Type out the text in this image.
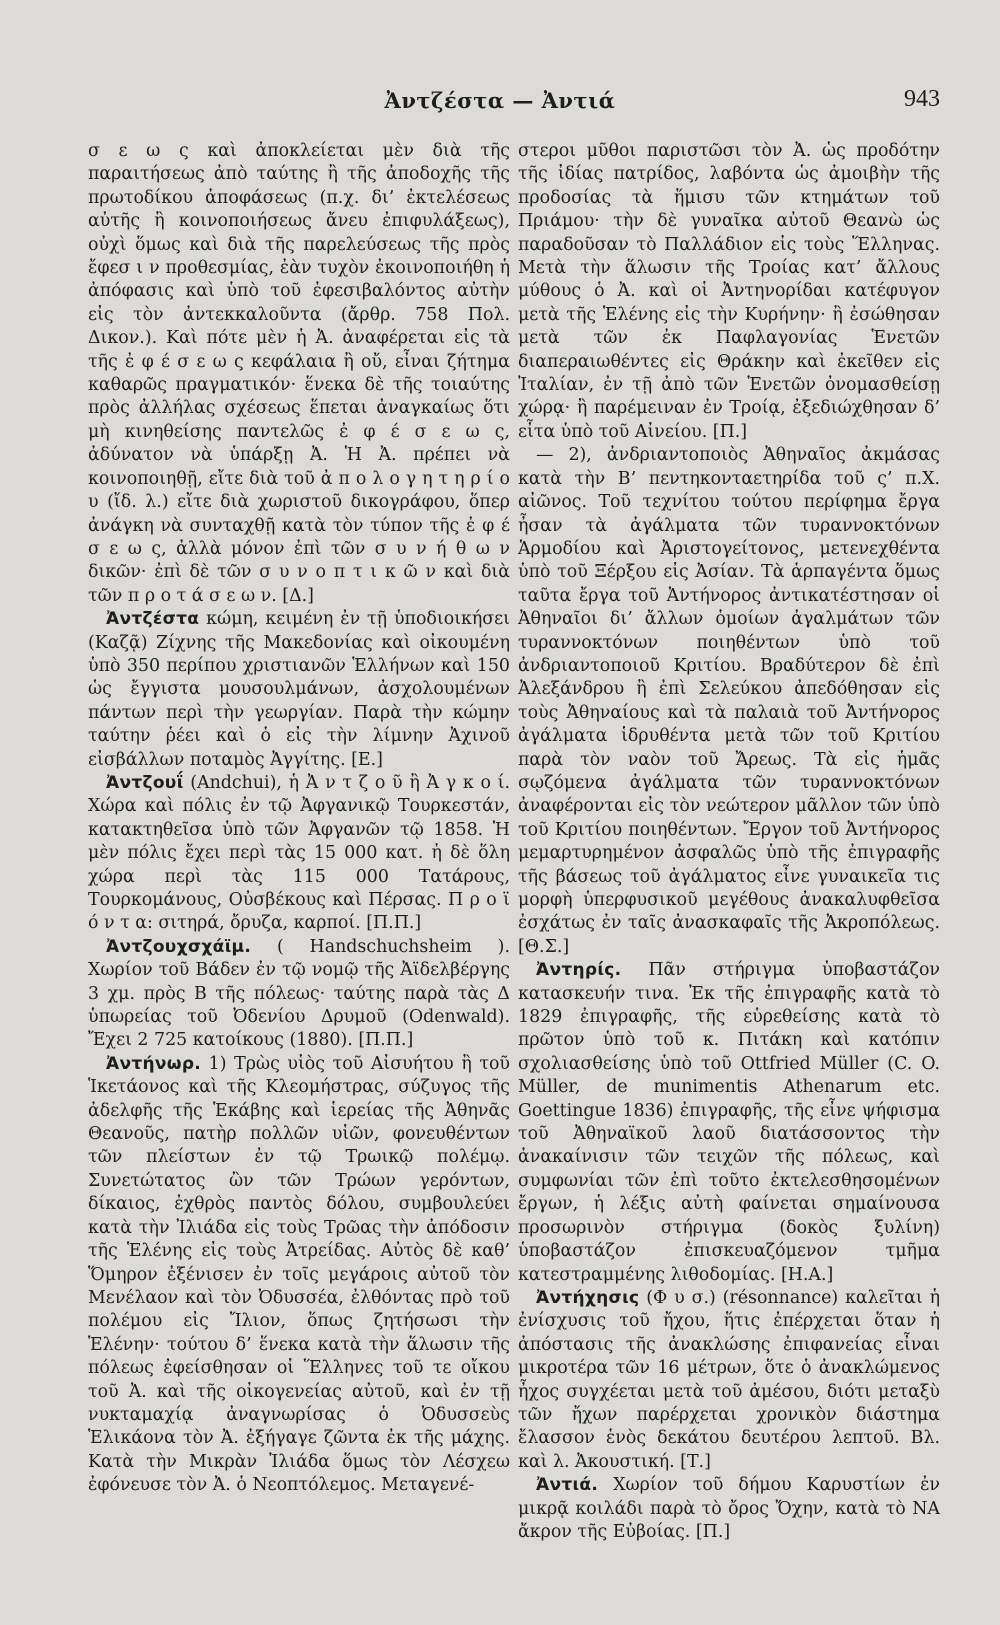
Ἀντζέστα — Ἀντιά	943

σ ε ω ς καὶ ἀποκλείεται μὲν διὰ τῆς παραιτήσεως ἀπὸ ταύτης ἢ τῆς ἀποδοχῆς τῆς πρωτοδίκου ἀποφάσεως (π.χ. δι’ ἐκτελέσεως αὐτῆς ἢ κοινοποιήσεως ἄνευ ἐπιφυλάξεως), οὐχὶ ὅμως καὶ διὰ τῆς παρελεύσεως τῆς πρὸς ἔφεσ ι ν προθεσμίας, ἐὰν τυχὸν ἐκοινοποιήθη ἡ ἀπόφασις καὶ ὑπὸ τοῦ ἐφεσιβαλόντος αὐτὴν εἰς τὸν ἀντεκκαλοῦντα (ἄρθρ. 758 Πολ. Δικον.). Καὶ πότε μὲν ἡ Ἀ. ἀναφέρεται εἰς τὰ τῆς ἐ φ έ σ ε ω ς κεφάλαια ἢ οὔ, εἶναι ζήτημα καθαρῶς πραγματικόν· ἕνεκα δὲ τῆς τοιαύτης πρὸς ἀλλήλας σχέσεως ἕπεται ἀναγκαίως ὅτι μὴ κινηθείσης παντελῶς ἐ φ έ σ ε ω ς, ἀδύνατον νὰ ὑπάρξῃ Ἀ. Ἡ Ἀ. πρέπει νὰ κοινοποιηθῇ, εἴτε διὰ τοῦ ἀ π ο λ ο γ η τ η ρ ί ο υ (ἴδ. λ.) εἴτε διὰ χωριστοῦ δικογράφου, ὅπερ ἀνάγκη νὰ συνταχθῇ κατὰ τὸν τύπον τῆς ἐ φ έ σ ε ω ς, ἀλλὰ μόνον ἐπὶ τῶν σ υ ν ή θ ω ν δικῶν· ἐπὶ δὲ τῶν σ υ ν ο π τ ι κ ῶ ν καὶ διὰ τῶν π ρ ο τ ά σ ε ω ν. [Δ.]

Ἀντζέστα κώμη, κειμένη ἐν τῇ ὑποδιοικήσει (Καζᾷ) Ζίχνης τῆς Μακεδονίας καὶ οἰκουμένη ὑπὸ 350 περίπου χριστιανῶν Ἑλλήνων καὶ 150 ὡς ἔγγιστα μουσουλμάνων, ἀσχολουμένων πάντων περὶ τὴν γεωργίαν. Παρὰ τὴν κώμην ταύτην ῥέει καὶ ὁ εἰς τὴν λίμνην Ἀχινοῦ εἰσβάλλων ποταμὸς Ἀγγίτης. [Ε.]

Ἀντζουΐ (Andchui), ἡ Ἀ ν τ ζ ο ῦ ἢ Ἀ γ κ ο ί. Χώρα καὶ πόλις ἐν τῷ Ἀφγανικῷ Τουρκεστάν, κατακτηθεῖσα ὑπὸ τῶν Ἀφγανῶν τῷ 1858. Ἡ μὲν πόλις ἔχει περὶ τὰς 15 000 κατ. ἡ δὲ ὅλη χώρα περὶ τὰς 115 000 Τατάρους, Τουρκομάνους, Οὐσβέκους καὶ Πέρσας. Π ρ ο ϊ ό ν τ α: σιτηρά, ὄρυζα, καρποί. [Π.Π.]

Ἀντζουχσχάϊμ. ( Handschuchsheim ). Χωρίον τοῦ Βάδεν ἐν τῷ νομῷ τῆς Ἀϊδελβέργης 3 χμ. πρὸς Β τῆς πόλεως· ταύτης παρὰ τὰς Δ ὑπωρείας τοῦ Ὀδενίου Δρυμοῦ (Odenwald). Ἔχει 2 725 κατοίκους (1880). [Π.Π.]

Ἀντήνωρ. 1) Τρὼς υἱὸς τοῦ Αἰσυήτου ἢ τοῦ Ἱκετάονος καὶ τῆς Κλεομήστρας, σύζυγος τῆς ἀδελφῆς τῆς Ἑκάβης καὶ ἱερείας τῆς Ἀθηνᾶς Θεανοῦς, πατὴρ πολλῶν υἱῶν, φονευθέντων τῶν πλείστων ἐν τῷ Τρωικῷ πολέμῳ. Συνετώτατος ὢν τῶν Τρώων γερόντων, δίκαιος, ἐχθρὸς παντὸς δόλου, συμβουλεύει κατὰ τὴν Ἰλιάδα εἰς τοὺς Τρῶας τὴν ἀπόδοσιν τῆς Ἑλένης εἰς τοὺς Ἀτρείδας. Αὐτὸς δὲ καθ’ Ὅμηρον ἐξένισεν ἐν τοῖς μεγάροις αὐτοῦ τὸν Μενέλαον καὶ τὸν Ὀδυσσέα, ἐλθόντας πρὸ τοῦ πολέμου εἰς Ἴλιον, ὅπως ζητήσωσι τὴν Ἑλένην· τούτου δ’ ἕνεκα κατὰ τὴν ἅλωσιν τῆς πόλεως ἐφείσθησαν οἱ Ἕλληνες τοῦ τε οἴκου τοῦ Ἀ. καὶ τῆς οἰκογενείας αὐτοῦ, καὶ ἐν τῇ νυκταμαχίᾳ ἀναγνωρίσας ὁ Ὀδυσσεὺς Ἑλικάονα τὸν Ἀ. ἐξήγαγε ζῶντα ἐκ τῆς μάχης. Κατὰ τὴν Μικρὰν Ἰλιάδα ὅμως τὸν Λέσχεω ἐφόνευσε τὸν Ἀ. ὁ Νεοπτόλεμος. Μεταγενέ-

στεροι μῦθοι παριστῶσι τὸν Ἀ. ὡς προδότην τῆς ἰδίας πατρίδος, λαβόντα ὡς ἀμοιβὴν τῆς προδοσίας τὰ ἥμισυ τῶν κτημάτων τοῦ Πριάμου· τὴν δὲ γυναῖκα αὐτοῦ Θεανὼ ὡς παραδοῦσαν τὸ Παλλάδιον εἰς τοὺς Ἕλληνας. Μετὰ τὴν ἅλωσιν τῆς Τροίας κατ’ ἄλλους μύθους ὁ Ἀ. καὶ οἱ Ἀντηνορίδαι κατέφυγον μετὰ τῆς Ἑλένης εἰς τὴν Κυρήνην· ἢ ἐσώθησαν μετὰ τῶν ἐκ Παφλαγονίας Ἑνετῶν διαπεραιωθέντες εἰς Θράκην καὶ ἐκεῖθεν εἰς Ἰταλίαν, ἐν τῇ ἀπὸ τῶν Ἑνετῶν ὀνομασθείσῃ χώρᾳ· ἢ παρέμειναν ἐν Τροίᾳ, ἐξεδιώχθησαν δ’ εἶτα ὑπὸ τοῦ Αἰνείου. [Π.]

— 2), ἀνδριαντοποιὸς Ἀθηναῖος ἀκμάσας κατὰ τὴν Β’ πεντηκονταετηρίδα τοῦ ς’ π.Χ. αἰῶνος. Τοῦ τεχνίτου τούτου περίφημα ἔργα ἦσαν τὰ ἀγάλματα τῶν τυραννοκτόνων Ἁρμοδίου καὶ Ἀριστογείτονος, μετενεχθέντα ὑπὸ τοῦ Ξέρξου εἰς Ἀσίαν. Τὰ ἁρπαγέντα ὅμως ταῦτα ἔργα τοῦ Ἀντήνορος ἀντικατέστησαν οἱ Ἀθηναῖοι δι’ ἄλλων ὁμοίων ἀγαλμάτων τῶν τυραννοκτόνων ποιηθέντων ὑπὸ τοῦ ἀνδριαντοποιοῦ Κριτίου. Βραδύτερον δὲ ἐπὶ Ἀλεξάνδρου ἢ ἐπὶ Σελεύκου ἀπεδόθησαν εἰς τοὺς Ἀθηναίους καὶ τὰ παλαιὰ τοῦ Ἀντήνορος ἀγάλματα ἱδρυθέντα μετὰ τῶν τοῦ Κριτίου παρὰ τὸν ναὸν τοῦ Ἄρεως. Τὰ εἰς ἡμᾶς σῳζόμενα ἀγάλματα τῶν τυραννοκτόνων ἀναφέρονται εἰς τὸν νεώτερον μᾶλλον τῶν ὑπὸ τοῦ Κριτίου ποιηθέντων. Ἔργον τοῦ Ἀντήνορος μεμαρτυρημένον ἀσφαλῶς ὑπὸ τῆς ἐπιγραφῆς τῆς βάσεως τοῦ ἀγάλματος εἶνε γυναικεῖα τις μορφὴ ὑπερφυσικοῦ μεγέθους ἀνακαλυφθεῖσα ἐσχάτως ἐν ταῖς ἀνασκαφαῖς τῆς Ἀκροπόλεως. [Θ.Σ.]

Ἀντηρίς. Πᾶν στήριγμα ὑποβαστάζον κατασκευήν τινα. Ἐκ τῆς ἐπιγραφῆς κατὰ τὸ 1829 ἐπιγραφῆς, τῆς εὑρεθείσης κατὰ τὸ πρῶτον ὑπὸ τοῦ κ. Πιτάκη καὶ κατόπιν σχολιασθείσης ὑπὸ τοῦ Ottfried Müller (C. O. Müller, de munimentis Athenarum etc. Goettingue 1836) ἐπιγραφῆς, τῆς εἶνε ψήφισμα τοῦ Ἀθηναϊκοῦ λαοῦ διατάσσοντος τὴν ἀνακαίνισιν τῶν τειχῶν τῆς πόλεως, καὶ συμφωνίαι τῶν ἐπὶ τοῦτο ἐκτελεσθησομένων ἔργων, ἡ λέξις αὐτὴ φαίνεται σημαίνουσα προσωρινὸν στήριγμα (δοκὸς ξυλίνη) ὑποβαστάζον ἐπισκευαζόμενον τμῆμα κατεστραμμένης λιθοδομίας. [Η.Α.]

Ἀντήχησις (Φ υ σ.) (résonnance) καλεῖται ἡ ἐνίσχυσις τοῦ ἤχου, ἥτις ἐπέρχεται ὅταν ἡ ἀπόστασις τῆς ἀνακλώσης ἐπιφανείας εἶναι μικροτέρα τῶν 16 μέτρων, ὅτε ὁ ἀνακλώμενος ἦχος συγχέεται μετὰ τοῦ ἀμέσου, διότι μεταξὺ τῶν ἤχων παρέρχεται χρονικὸν διάστημα ἔλασσον ἑνὸς δεκάτου δευτέρου λεπτοῦ. Βλ. καὶ λ. Ἀκουστική. [Τ.]

Ἀντιά. Χωρίον τοῦ δήμου Καρυστίων ἐν μικρᾷ κοιλάδι παρὰ τὸ ὄρος Ὄχην, κατὰ τὸ ΝΑ ἄκρον τῆς Εὐβοίας. [Π.]
